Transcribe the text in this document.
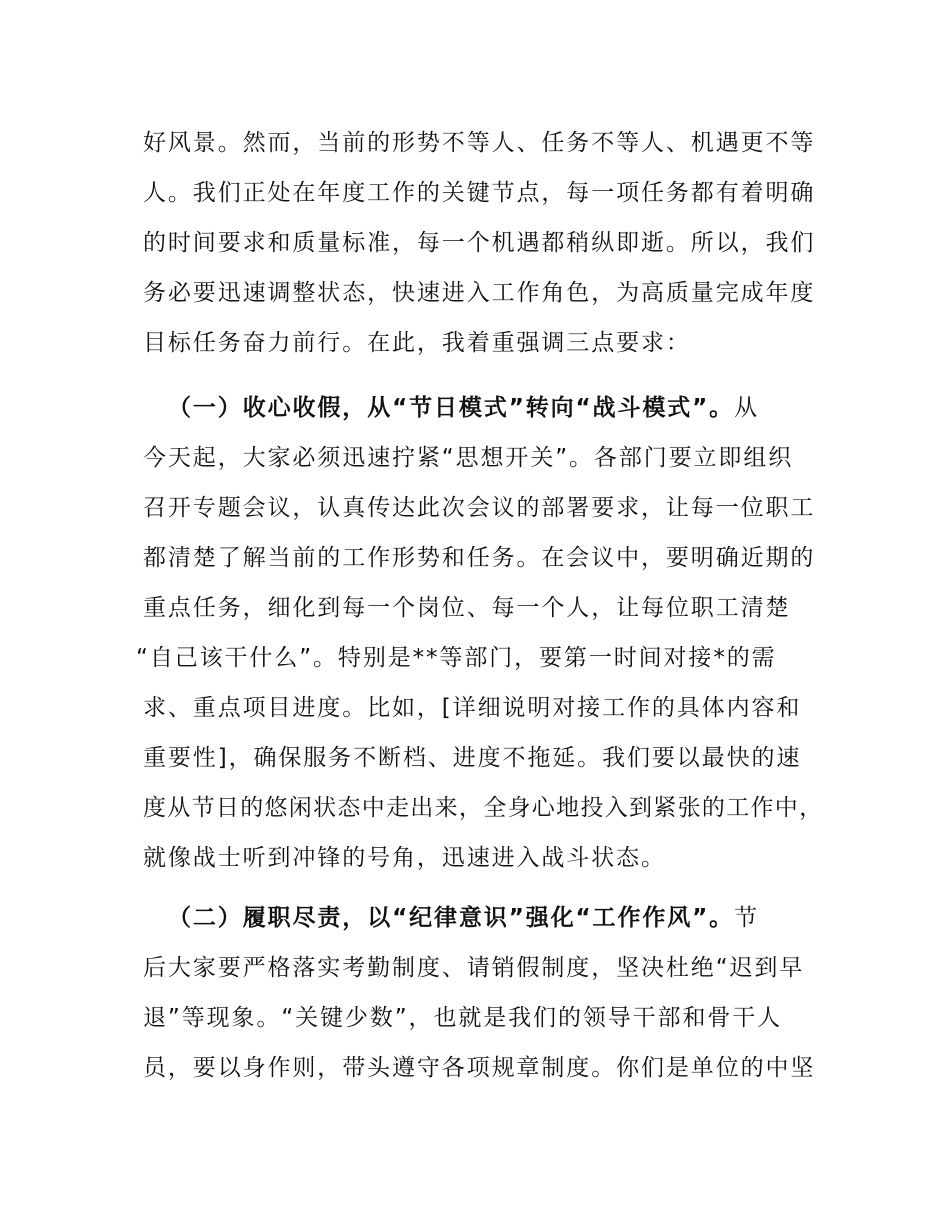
好风景。然而，当前的形势不等人、任务不等人、机遇更不等
人。我们正处在年度工作的关键节点，每一项任务都有着明确
的时间要求和质量标准，每一个机遇都稍纵即逝。所以，我们
务必要迅速调整状态，快速进入工作角色，为高质量完成年度
目标任务奋力前行。在此，我着重强调三点要求：
（一）收心收假，从“节日模式”转向“战斗模式”。从
今天起，大家必须迅速拧紧“思想开关”。各部门要立即组织
召开专题会议，认真传达此次会议的部署要求，让每一位职工
都清楚了解当前的工作形势和任务。在会议中，要明确近期的
重点任务，细化到每一个岗位、每一个人，让每位职工清楚
“自己该干什么”。特别是**等部门，要第一时间对接*的需
求、重点项目进度。比如，[详细说明对接工作的具体内容和
重要性]，确保服务不断档、进度不拖延。我们要以最快的速
度从节日的悠闲状态中走出来，全身心地投入到紧张的工作中，
就像战士听到冲锋的号角，迅速进入战斗状态。
（二）履职尽责，以“纪律意识”强化“工作作风”。节
后大家要严格落实考勤制度、请销假制度，坚决杜绝“迟到早
退”等现象。“关键少数”，也就是我们的领导干部和骨干人
员，要以身作则，带头遵守各项规章制度。你们是单位的中坚
